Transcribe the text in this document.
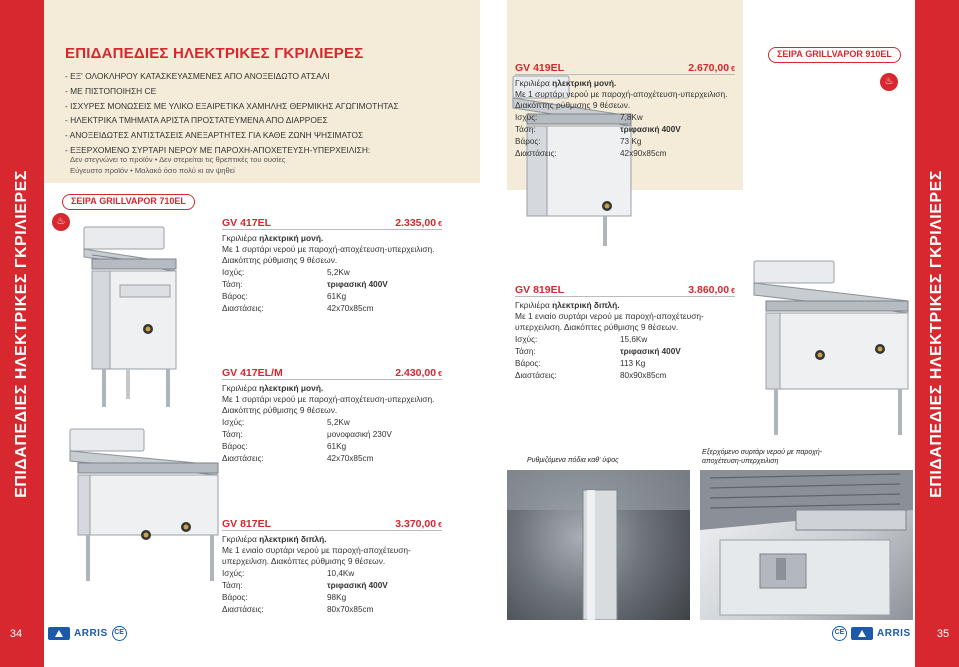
ΕΠΙΔΑΠΕΔΙΕΣ ΗΛΕΚΤΡΙΚΕΣ ΓΚΡΙΛΙΕΡΕΣ	ΕΠΙΔΑΠΕΔΙΕΣ ΗΛΕΚΤΡΙΚΕΣ ΓΚΡΙΛΙΕΡΕΣ
ΕΠΙΔΑΠΕΔΙΕΣ ΗΛΕΚΤΡΙΚΕΣ ΓΚΡΙΛΙΕΡΕΣ
- ΕΞ' ΟΛΟΚΛΗΡΟΥ ΚΑΤΑΣΚΕΥΑΣΜΕΝΕΣ ΑΠΟ ΑΝΟΞΕΙΔΩΤΟ ΑΤΣΑΛΙ
- ΜΕ ΠΙΣΤΟΠΟΙΗΣΗ CE
- ΙΣΧΥΡΕΣ ΜΟΝΩΣΕΙΣ ΜΕ ΥΛΙΚΟ ΕΞΑΙΡΕΤΙΚΑ ΧΑΜΗΛΗΣ ΘΕΡΜΙΚΗΣ ΑΓΩΓΙΜΟΤΗΤΑΣ
- ΗΛΕΚΤΡΙΚΑ ΤΜΗΜΑΤΑ ΑΡΙΣΤΑ ΠΡΟΣΤΑΤΕΥΜΕΝΑ ΑΠΟ ΔΙΑΡΡΟΕΣ
- ΑΝΟΞΕΙΔΩΤΕΣ ΑΝΤΙΣΤΑΣΕΙΣ ΑΝΕΞΑΡΤΗΤΕΣ ΓΙΑ ΚΑΘΕ ΖΩΝΗ ΨΗΣΙΜΑΤΟΣ
- ΕΞΕΡΧΟΜΕΝΟ ΣΥΡΤΑΡΙ ΝΕΡΟΥ ΜΕ ΠΑΡΟΧΗ-ΑΠΟΧΕΤΕΥΣΗ-ΥΠΕΡΧΕΙΛΙΣΗ:
Δεν στεγνώνει το προϊόν • Δεν στερείται τις θρεπτικές του ουσίες
Εύγευστο προϊόν • Μαλακό όσο πολύ κι αν ψηθεί
ΣΕΙΡΑ GRILLVAPOR 710EL
♨
ΣΕΙΡΑ GRILLVAPOR 910EL
♨
GV 417EL	2.335,00 €
Γκριλιέρα ηλεκτρική μονή.
Με 1 συρτάρι νερού με παροχή-αποχέτευση-υπερχειλιση. Διακόπτης ρύθμισης 9 θέσεων.
Ισχύς:	5,2Kw
Τάση:	τριφασική 400V
Βάρος:	61Kg
Διαστάσεις:	42x70x85cm
GV 417EL/M	2.430,00 €
Γκριλιέρα ηλεκτρική μονή.
Με 1 συρτάρι νερού με παροχή-αποχέτευση-υπερχειλιση. Διακόπτης ρύθμισης 9 θέσεων.
Ισχύς:	5,2Kw
Τάση:	μονοφασική 230V
Βάρος:	61Kg
Διαστάσεις:	42x70x85cm
GV 817EL	3.370,00 €
Γκριλιέρα ηλεκτρική διπλή.
Με 1 ενιαίο συρτάρι νερού με παροχή-αποχέτευση-υπερχειλιση. Διακόπτες ρύθμισης 9 θέσεων.
Ισχύς:	10,4Kw
Τάση:	τριφασική 400V
Βάρος:	98Kg
Διαστάσεις:	80x70x85cm
GV 419EL	2.670,00 €
Γκριλιέρα ηλεκτρική μονή.
Με 1 συρτάρι νερού με παροχή-αποχέτευση-υπερχειλιση. Διακόπτης ρύθμισης 9 θέσεων.
Ισχύς:	7,8Kw
Τάση:	τριφασική 400V
Βάρος:	73 Kg
Διαστάσεις:	42x90x85cm
GV 819EL	3.860,00 €
Γκριλιέρα ηλεκτρική διπλή.
Με 1 ενιαίο συρτάρι νερού με παροχή-αποχέτευση-υπερχειλιση. Διακόπτες ρύθμισης 9 θέσεων.
Ισχύς:	15,6Kw
Τάση:	τριφασική 400V
Βάρος:	113 Kg
Διαστάσεις:	80x90x85cm
Ρυθμιζόμενα πόδια καθ' ύψος
Εξερχόμενο συρτάρι νερού με παροχή-αποχέτευση-υπερχειλιση
34	ARRIS CE	CE	ARRIS	35
